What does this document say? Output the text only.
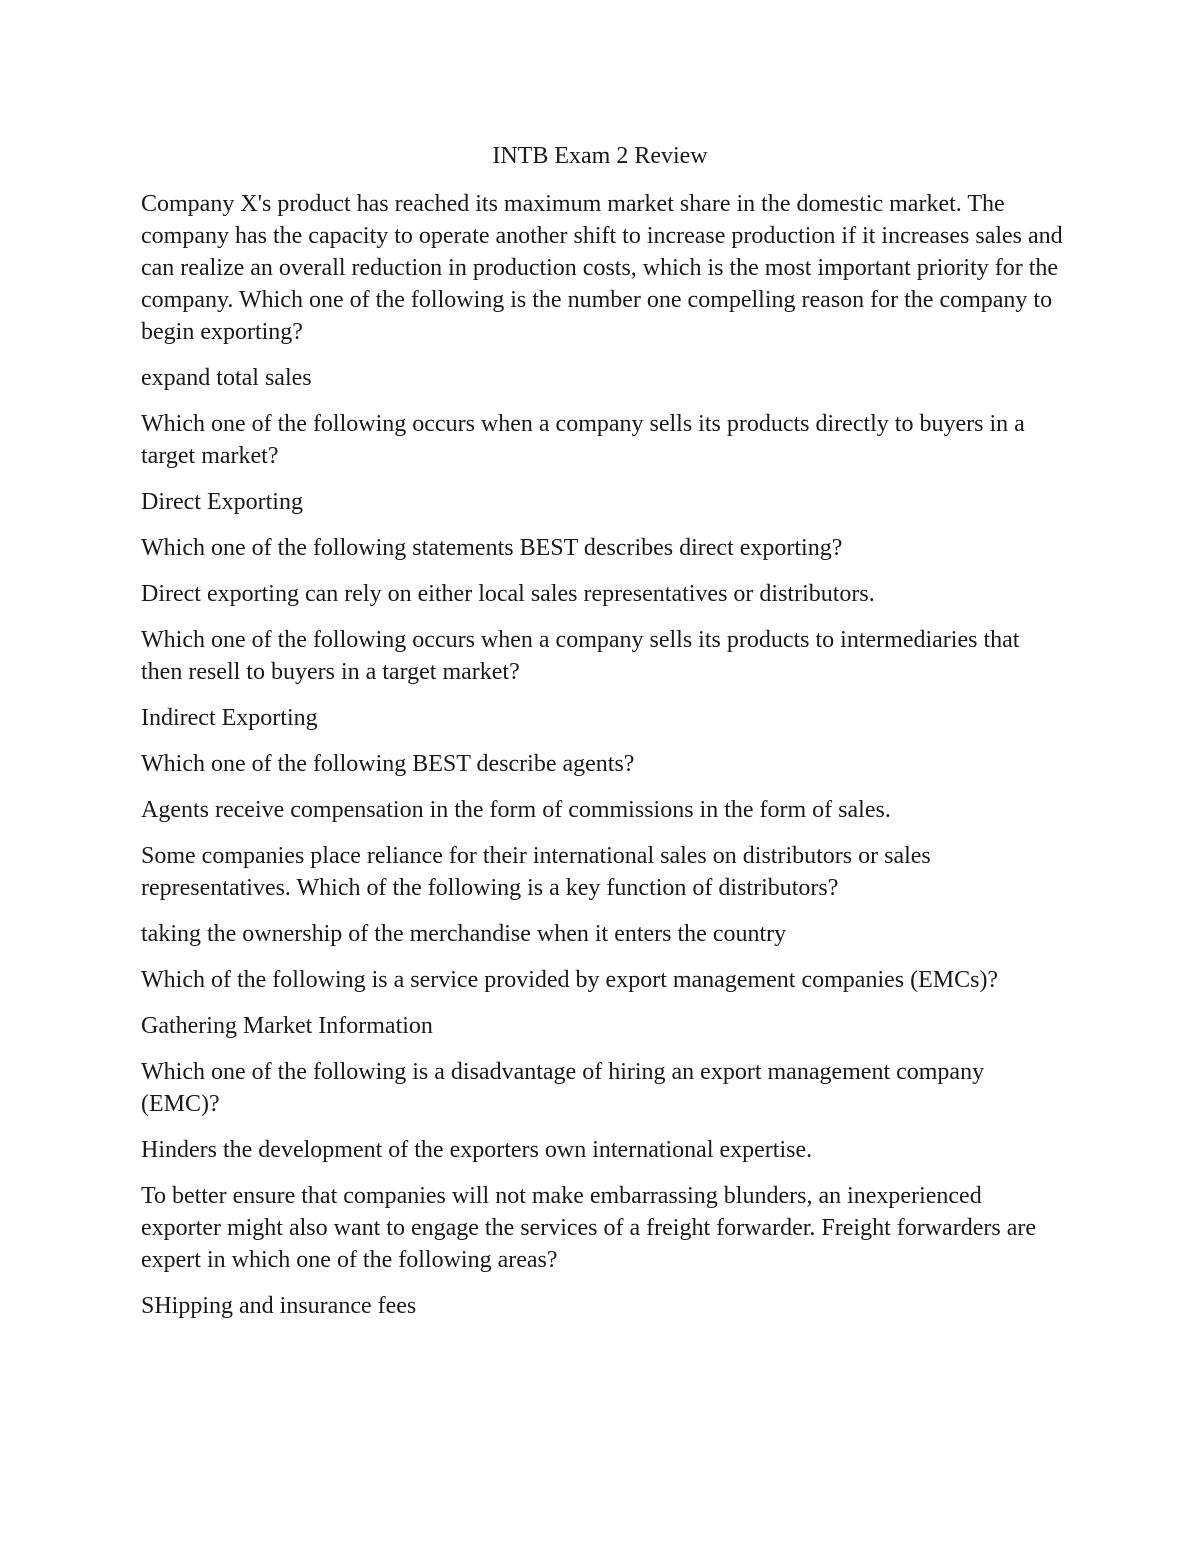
INTB Exam 2 Review

Company X's product has reached its maximum market share in the domestic market. The company has the capacity to operate another shift to increase production if it increases sales and can realize an overall reduction in production costs, which is the most important priority for the company. Which one of the following is the number one compelling reason for the company to begin exporting?

expand total sales

Which one of the following occurs when a company sells its products directly to buyers in a target market?

Direct Exporting

Which one of the following statements BEST describes direct exporting?

Direct exporting can rely on either local sales representatives or distributors.

Which one of the following occurs when a company sells its products to intermediaries that then resell to buyers in a target market?

Indirect Exporting

Which one of the following BEST describe agents?

Agents receive compensation in the form of commissions in the form of sales.

Some companies place reliance for their international sales on distributors or sales representatives. Which of the following is a key function of distributors?

taking the ownership of the merchandise when it enters the country

Which of the following is a service provided by export management companies (EMCs)?

Gathering Market Information

Which one of the following is a disadvantage of hiring an export management company (EMC)?

Hinders the development of the exporters own international expertise.

To better ensure that companies will not make embarrassing blunders, an inexperienced exporter might also want to engage the services of a freight forwarder. Freight forwarders are expert in which one of the following areas?

SHipping and insurance fees
